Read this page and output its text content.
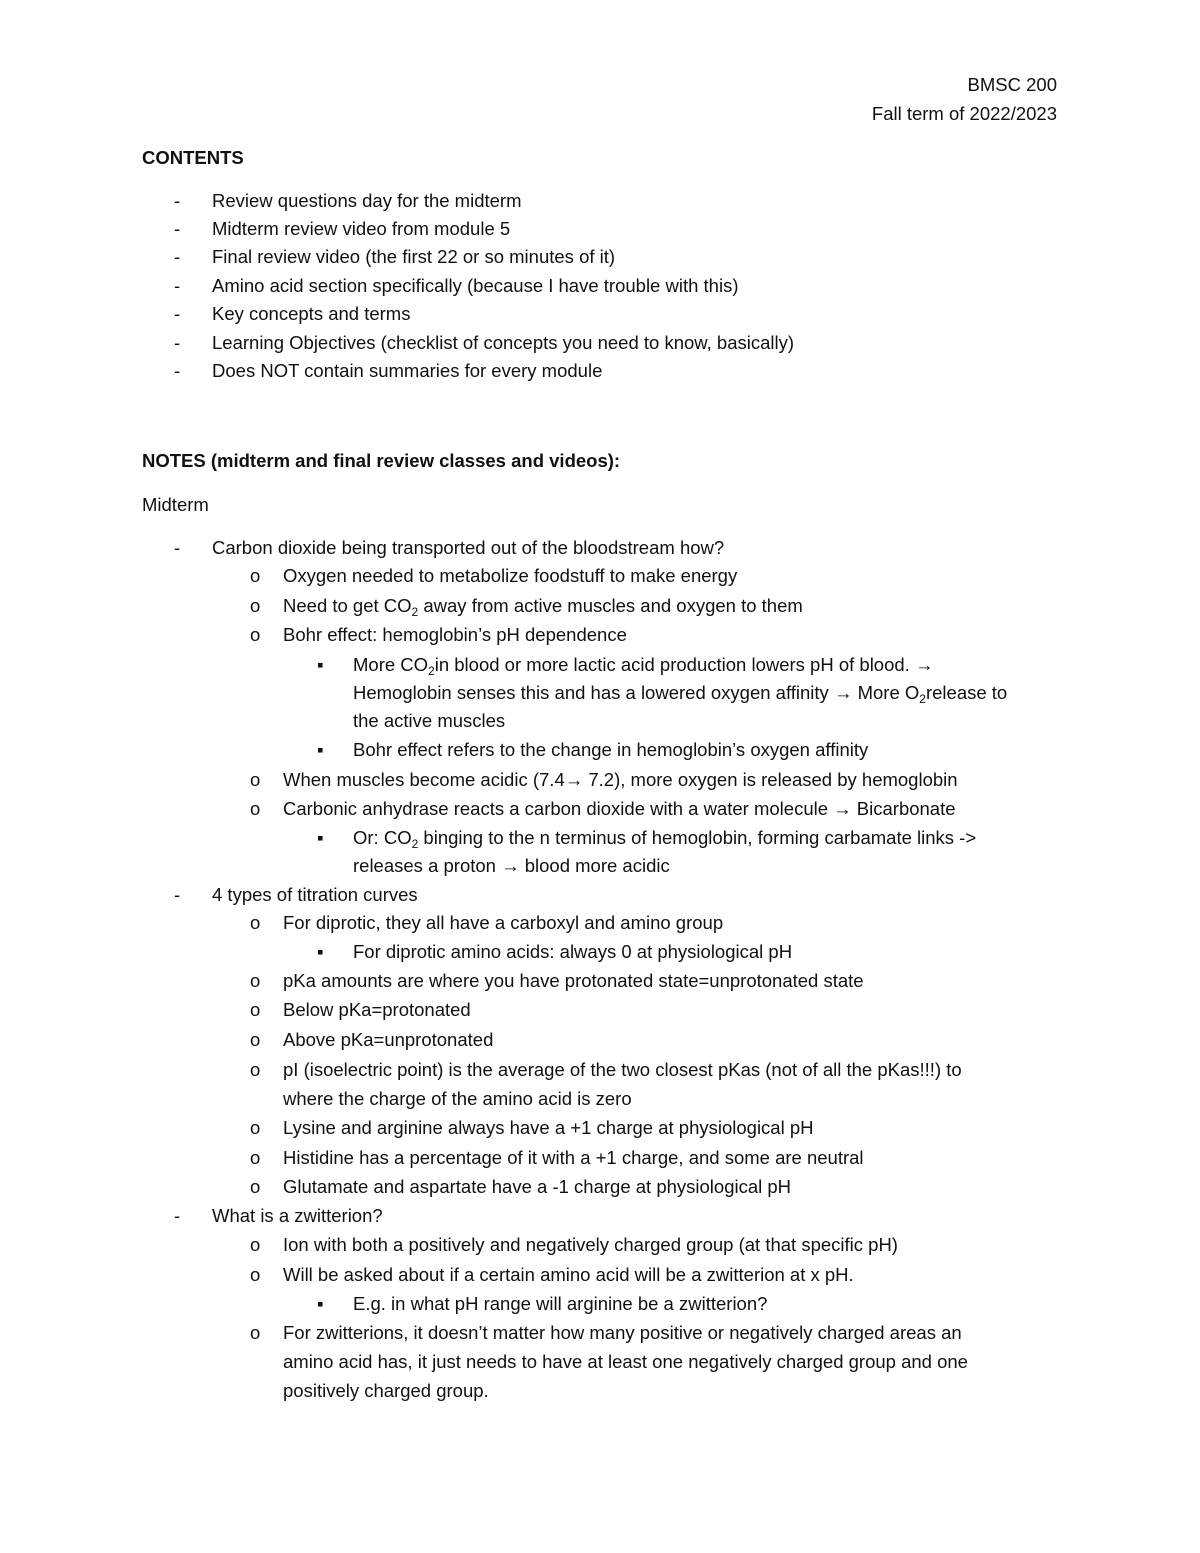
BMSC 200
Fall term of 2022/2023
CONTENTS
-	Review questions day for the midterm
-	Midterm review video from module 5
-	Final review video (the first 22 or so minutes of it)
-	Amino acid section specifically (because I have trouble with this)
-	Key concepts and terms
-	Learning Objectives (checklist of concepts you need to know, basically)
-	Does NOT contain summaries for every module
NOTES (midterm and final review classes and videos):
Midterm
-	Carbon dioxide being transported out of the bloodstream how?
o Oxygen needed to metabolize foodstuff to make energy
o Need to get $CO_2$ away from active muscles and oxygen to them
o Bohr effect: hemoglobin’s pH dependence
▪	More $CO_2in$ blood or more lactic acid production lowers pH of blood. →
Hemoglobin senses this and has a lowered oxygen affinity → More $O_2release$ to
the active muscles
▪	Bohr effect refers to the change in hemoglobin’s oxygen affinity
o When muscles become acidic (7.4→ 7.2), more oxygen is released by hemoglobin
o Carbonic anhydrase reacts a carbon dioxide with a water molecule → Bicarbonate
▪	Or: $CO_2$ binging to the n terminus of hemoglobin, forming carbamate links ->
releases a proton → blood more acidic
-	4 types of titration curves
o For diprotic, they all have a carboxyl and amino group
▪	For diprotic amino acids: always 0 at physiological pH
o pKa amounts are where you have protonated state=unprotonated state
o Below pKa=protonated
o Above pKa=unprotonated
o pI (isoelectric point) is the average of the two closest pKas (not of all the pKas!!!) to
where the charge of the amino acid is zero
o Lysine and arginine always have a +1 charge at physiological pH
o Histidine has a percentage of it with a +1 charge, and some are neutral
o Glutamate and aspartate have a -1 charge at physiological pH
-	What is a zwitterion?
o Ion with both a positively and negatively charged group (at that specific pH)
o Will be asked about if a certain amino acid will be a zwitterion at x pH.
▪	E.g. in what pH range will arginine be a zwitterion?
o For zwitterions, it doesn’t matter how many positive or negatively charged areas an
amino acid has, it just needs to have at least one negatively charged group and one
positively charged group.
